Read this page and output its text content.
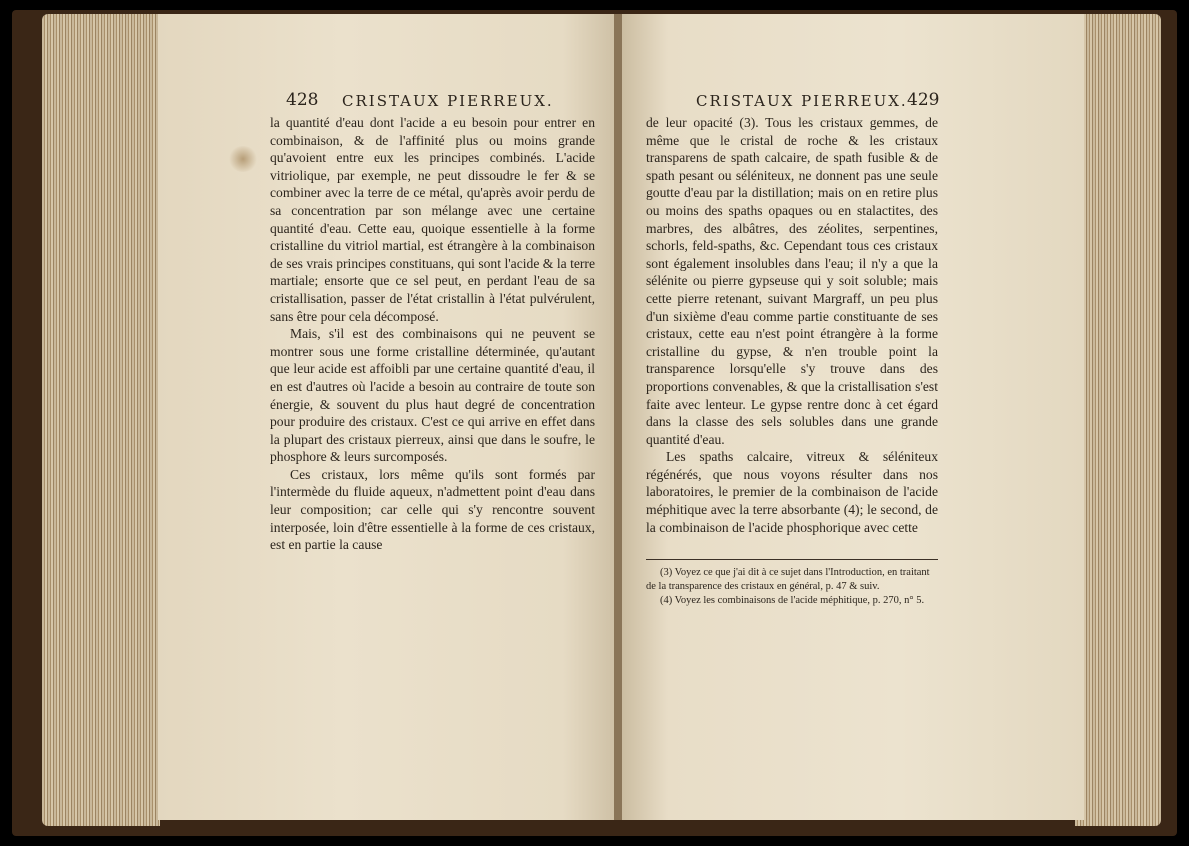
428 CRISTAUX PIERREUX.

la quantité d'eau dont l'acide a eu besoin pour entrer en combinaison, & de l'affinité plus ou moins grande qu'avoient entre eux les principes combinés. L'acide vitriolique, par exemple, ne peut dissoudre le fer & se combiner avec la terre de ce métal, qu'après avoir perdu de sa concentration par son mélange avec une certaine quantité d'eau. Cette eau, quoique essentielle à la forme cristalline du vitriol martial, est étrangère à la combinaison de ses vrais principes constituans, qui sont l'acide & la terre martiale; ensorte que ce sel peut, en perdant l'eau de sa cristallisation, passer de l'état cristallin à l'état pulvérulent, sans être pour cela décomposé.

Mais, s'il est des combinaisons qui ne peuvent se montrer sous une forme cristalline déterminée, qu'autant que leur acide est affoibli par une certaine quantité d'eau, il en est d'autres où l'acide a besoin au contraire de toute son énergie, & souvent du plus haut degré de concentration pour produire des cristaux. C'est ce qui arrive en effet dans la plupart des cristaux pierreux, ainsi que dans le soufre, le phosphore & leurs surcomposés.

Ces cristaux, lors même qu'ils sont formés par l'intermède du fluide aqueux, n'admettent point d'eau dans leur composition; car celle qui s'y rencontre souvent interposée, loin d'être essentielle à la forme de ces cristaux, est en partie la cause

CRISTAUX PIERREUX. 429

de leur opacité (3). Tous les cristaux gemmes, de même que le cristal de roche & les cristaux transparens de spath calcaire, de spath fusible & de spath pesant ou séléniteux, ne donnent pas une seule goutte d'eau par la distillation; mais on en retire plus ou moins des spaths opaques ou en stalactites, des marbres, des albâtres, des zéolites, serpentines, schorls, feld-spaths, &c. Cependant tous ces cristaux sont également insolubles dans l'eau; il n'y a que la sélénite ou pierre gypseuse qui y soit soluble; mais cette pierre retenant, suivant Margraff, un peu plus d'un sixième d'eau comme partie constituante de ses cristaux, cette eau n'est point étrangère à la forme cristalline du gypse, & n'en trouble point la transparence lorsqu'elle s'y trouve dans des proportions convenables, & que la cristallisation s'est faite avec lenteur. Le gypse rentre donc à cet égard dans la classe des sels solubles dans une grande quantité d'eau.

Les spaths calcaire, vitreux & séléniteux régénérés, que nous voyons résulter dans nos laboratoires, le premier de la combinaison de l'acide méphitique avec la terre absorbante (4); le second, de la combinaison de l'acide phosphorique avec cette

(3) Voyez ce que j'ai dit à ce sujet dans l'Introduction, en traitant de la transparence des cristaux en général, p. 47 & suiv.

(4) Voyez les combinaisons de l'acide méphitique, p. 270, n° 5.
